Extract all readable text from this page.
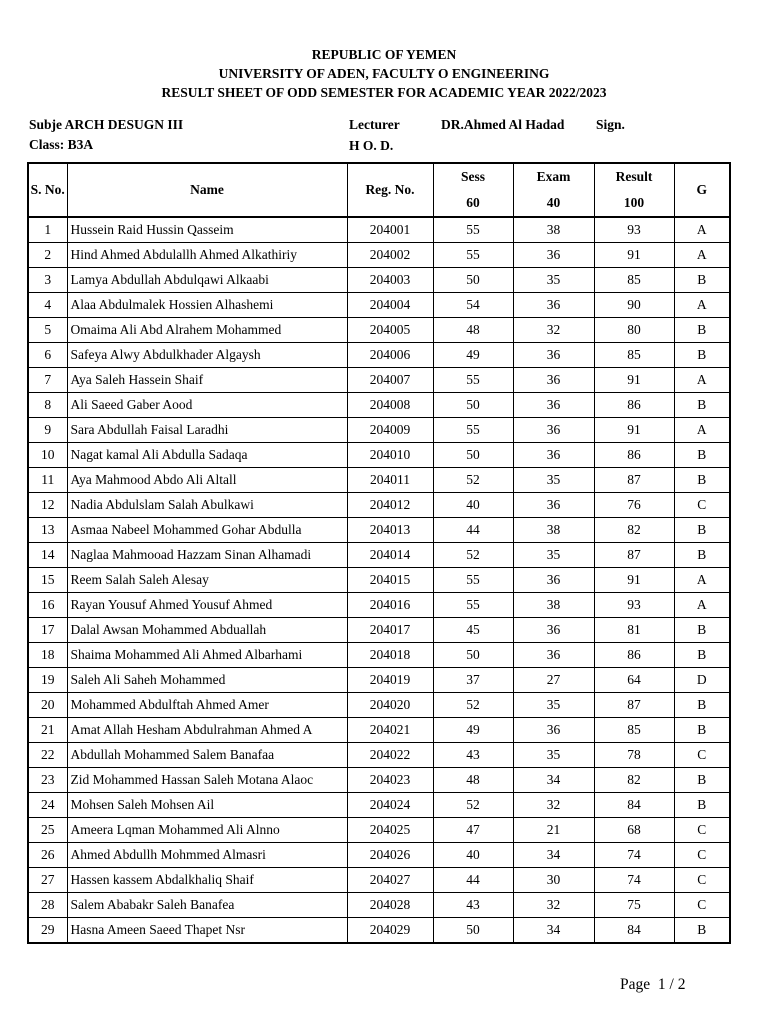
REPUBLIC OF YEMEN
UNIVERSITY OF ADEN, FACULTY O ENGINEERING
RESULT SHEET OF ODD SEMESTER FOR ACADEMIC YEAR 2022/2023
Subje ARCH DESUGN III	Lecturer	DR.Ahmed Al Hadad Sign.
Class: B3A	H O. D.
S. No.	Name	Reg. No.	Sess	Exam	Result	G
			60	40	100	
1	Hussein Raid Hussin Qasseim	204001	55	38	93	A
2	Hind Ahmed Abdulallh Ahmed Alkathiriy	204002	55	36	91	A
3	Lamya Abdullah Abdulqawi Alkaabi	204003	50	35	85	B
4	Alaa Abdulmalek Hossien Alhashemi	204004	54	36	90	A
5	Omaima Ali Abd Alrahem Mohammed	204005	48	32	80	B
6	Safeya Alwy Abdulkhader Algaysh	204006	49	36	85	B
7	Aya Saleh Hassein Shaif	204007	55	36	91	A
8	Ali Saeed Gaber Aood	204008	50	36	86	B
9	Sara Abdullah Faisal Laradhi	204009	55	36	91	A
10	Nagat kamal Ali Abdulla Sadaqa	204010	50	36	86	B
11	Aya Mahmood Abdo Ali Altall	204011	52	35	87	B
12	Nadia Abdulslam Salah Abulkawi	204012	40	36	76	C
13	Asmaa Nabeel Mohammed Gohar Abdulla	204013	44	38	82	B
14	Naglaa Mahmooad Hazzam Sinan Alhamadi	204014	52	35	87	B
15	Reem Salah Saleh Alesay	204015	55	36	91	A
16	Rayan Yousuf Ahmed Yousuf Ahmed	204016	55	38	93	A
17	Dalal Awsan Mohammed Abduallah	204017	45	36	81	B
18	Shaima Mohammed Ali Ahmed Albarhami	204018	50	36	86	B
19	Saleh Ali Saheh Mohammed	204019	37	27	64	D
20	Mohammed Abdulftah Ahmed Amer	204020	52	35	87	B
21	Amat Allah Hesham Abdulrahman Ahmed A	204021	49	36	85	B
22	Abdullah Mohammed Salem Banafaa	204022	43	35	78	C
23	Zid Mohammed Hassan Saleh Motana Alaoc	204023	48	34	82	B
24	Mohsen Saleh Mohsen Ail	204024	52	32	84	B
25	Ameera Lqman Mohammed Ali Alnno	204025	47	21	68	C
26	Ahmed Abdullh Mohmmed Almasri	204026	40	34	74	C
27	Hassen kassem Abdalkhaliq Shaif	204027	44	30	74	C
28	Salem Ababakr Saleh Banafea	204028	43	32	75	C
29	Hasna Ameen Saeed Thapet Nsr	204029	50	34	84	B
Page 1 / 2
